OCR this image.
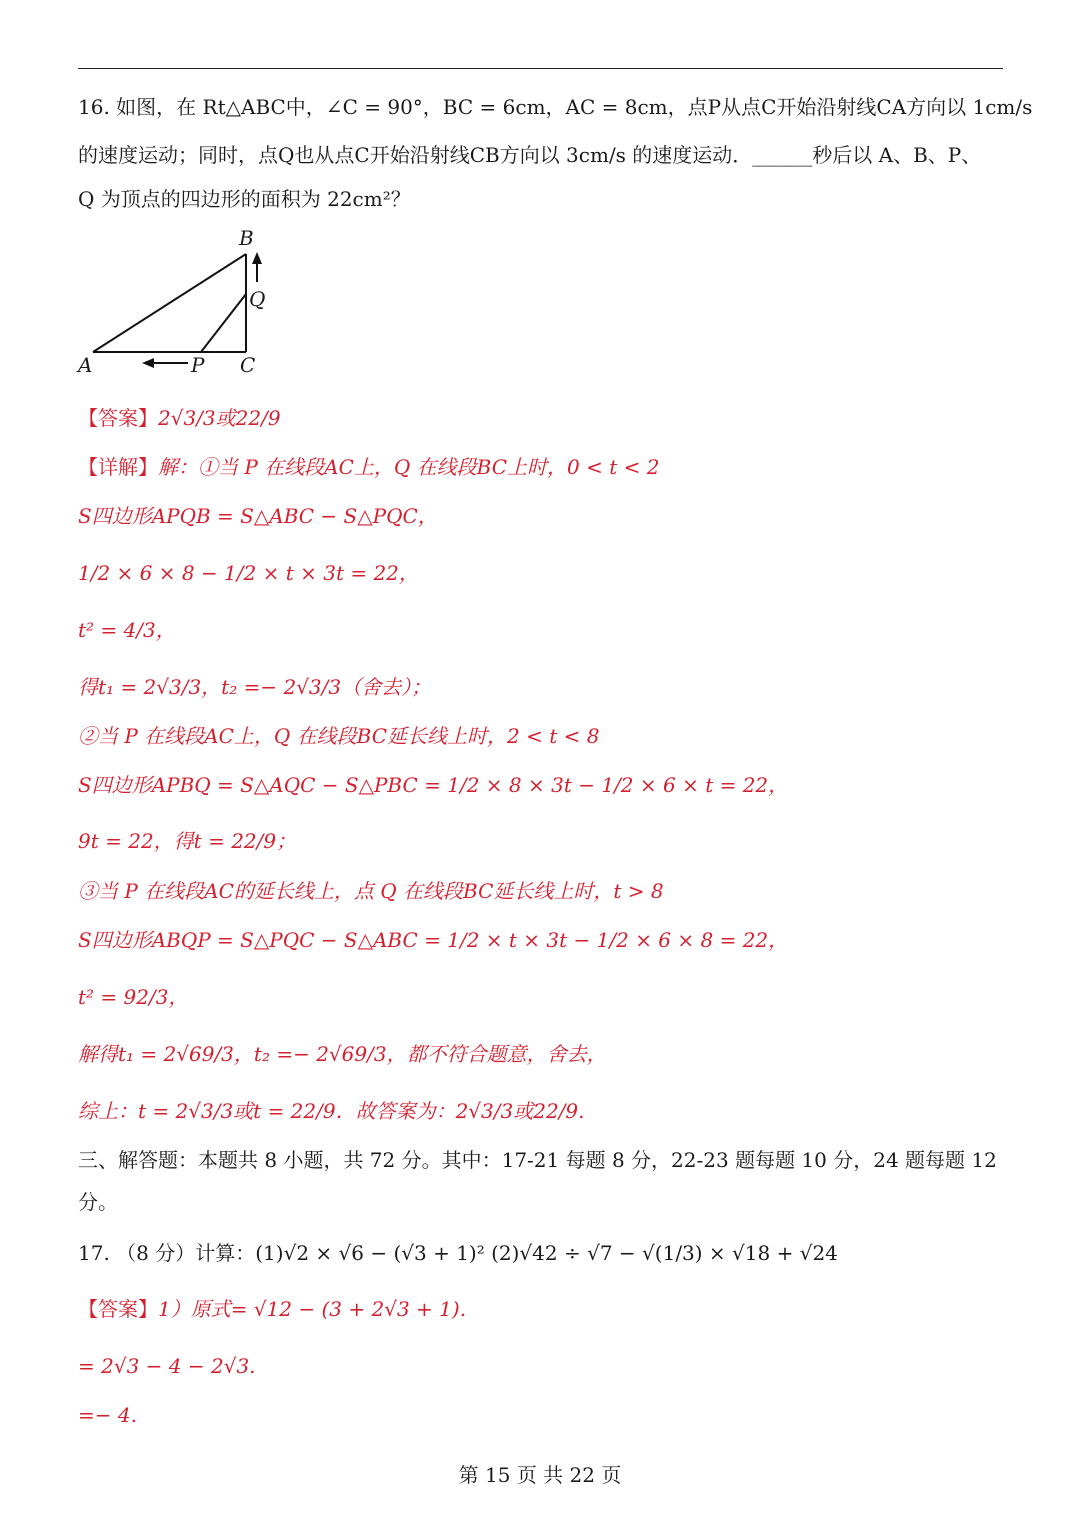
16. 如图，在 Rt△ABC中，∠C = 90°，BC = 6cm，AC = 8cm，点P从点C开始沿射线CA方向以 1cm/s
的速度运动；同时，点Q也从点C开始沿射线CB方向以 3cm/s 的速度运动．______秒后以 A、B、P、
Q 为顶点的四边形的面积为 22cm²？
B
Q
A	P C
【答案】2√3/3或22/9
【详解】解：①当 P 在线段AC上，Q 在线段BC上时，0 < t < 2
S四边形APQB = S△ABC − S△PQC，
1/2 × 6 × 8 − 1/2 × t × 3t = 22，
t² = 4/3，
得t₁ = 2√3/3，t₂ =− 2√3/3（舍去）；
②当 P 在线段AC上，Q 在线段BC延长线上时，2 < t < 8
S四边形APBQ = S△AQC − S△PBC = 1/2 × 8 × 3t − 1/2 × 6 × t = 22，
9t = 22，得t = 22/9；
③当 P 在线段AC的延长线上，点 Q 在线段BC延长线上时，t > 8
S四边形ABQP = S△PQC − S△ABC = 1/2 × t × 3t − 1/2 × 6 × 8 = 22，
t² = 92/3，
解得t₁ = 2√69/3，t₂ =− 2√69/3，都不符合题意，舍去，
综上：t = 2√3/3或t = 22/9．故答案为：2√3/3或22/9.
三、解答题：本题共 8 小题，共 72 分。其中：17-21 每题 8 分，22-23 题每题 10 分，24 题每题 12
分。
17. （8 分）计算：(1)√2 × √6 − (√3 + 1)² (2)√42 ÷ √7 − √(1/3) × √18 + √24
【答案】1）原式= √12 − (3 + 2√3 + 1).
= 2√3 − 4 − 2√3.
=− 4.
第 15 页 共 22 页
